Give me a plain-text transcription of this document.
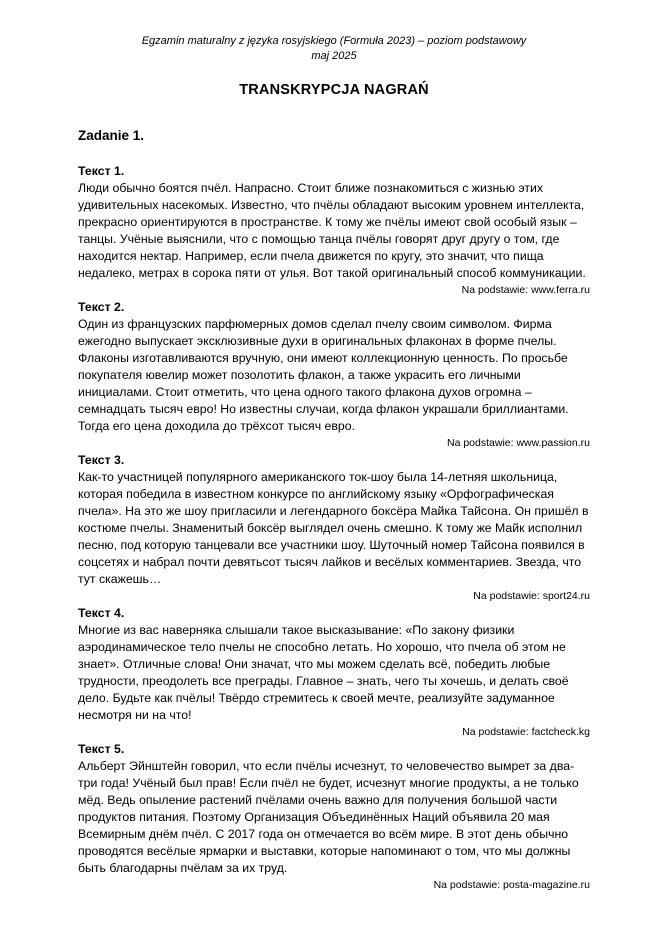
Egzamin maturalny z języka rosyjskiego (Formuła 2023) – poziom podstawowy
maj 2025
TRANSKRYPCJA NAGRAŃ
Zadanie 1.
Текст 1.

Люди обычно боятся пчёл. Напрасно. Стоит ближе познакомиться с жизнью этих удивительных насекомых. Известно, что пчёлы обладают высоким уровнем интеллекта, прекрасно ориентируются в пространстве. К тому же пчёлы имеют свой особый язык – танцы. Учёные выяснили, что с помощью танца пчёлы говорят друг другу о том, где находится нектар. Например, если пчела движется по кругу, это значит, что пища недалеко, метрах в сорока пяти от улья. Вот такой оригинальный способ коммуникации.

Na podstawie: www.ferra.ru
Текст 2.

Один из французских парфюмерных домов сделал пчелу своим символом. Фирма ежегодно выпускает эксклюзивные духи в оригинальных флаконах в форме пчелы. Флаконы изготавливаются вручную, они имеют коллекционную ценность. По просьбе покупателя ювелир может позолотить флакон, а также украсить его личными инициалами. Стоит отметить, что цена одного такого флакона духов огромна – семнадцать тысяч евро! Но известны случаи, когда флакон украшали бриллиантами. Тогда его цена доходила до трёхсот тысяч евро.

Na podstawie: www.passion.ru
Текст 3.

Как-то участницей популярного американского ток-шоу была 14-летняя школьница, которая победила в известном конкурсе по английскому языку «Орфографическая пчела». На это же шоу пригласили и легендарного боксёра Майка Тайсона. Он пришёл в костюме пчелы. Знаменитый боксёр выглядел очень смешно. К тому же Майк исполнил песню, под которую танцевали все участники шоу. Шуточный номер Тайсона появился в соцсетях и набрал почти девятьсот тысяч лайков и весёлых комментариев. Звезда, что тут скажешь…

Na podstawie: sport24.ru
Текст 4.

Многие из вас наверняка слышали такое высказывание: «По закону физики аэродинамическое тело пчелы не способно летать. Но хорошо, что пчела об этом не знает». Отличные слова! Они значат, что мы можем сделать всё, победить любые трудности, преодолеть все преграды. Главное – знать, чего ты хочешь, и делать своё дело. Будьте как пчёлы! Твёрдо стремитесь к своей мечте, реализуйте задуманное несмотря ни на что!

Na podstawie: factcheck.kg
Текст 5.

Альберт Эйнштейн говорил, что если пчёлы исчезнут, то человечество вымрет за два-три года! Учёный был прав! Если пчёл не будет, исчезнут многие продукты, а не только мёд. Ведь опыление растений пчёлами очень важно для получения большой части продуктов питания. Поэтому Организация Объединённых Наций объявила 20 мая Всемирным днём пчёл. С 2017 года он отмечается во всём мире. В этот день обычно проводятся весёлые ярмарки и выставки, которые напоминают о том, что мы должны быть благодарны пчёлам за их труд.

Na podstawie: posta-magazine.ru
